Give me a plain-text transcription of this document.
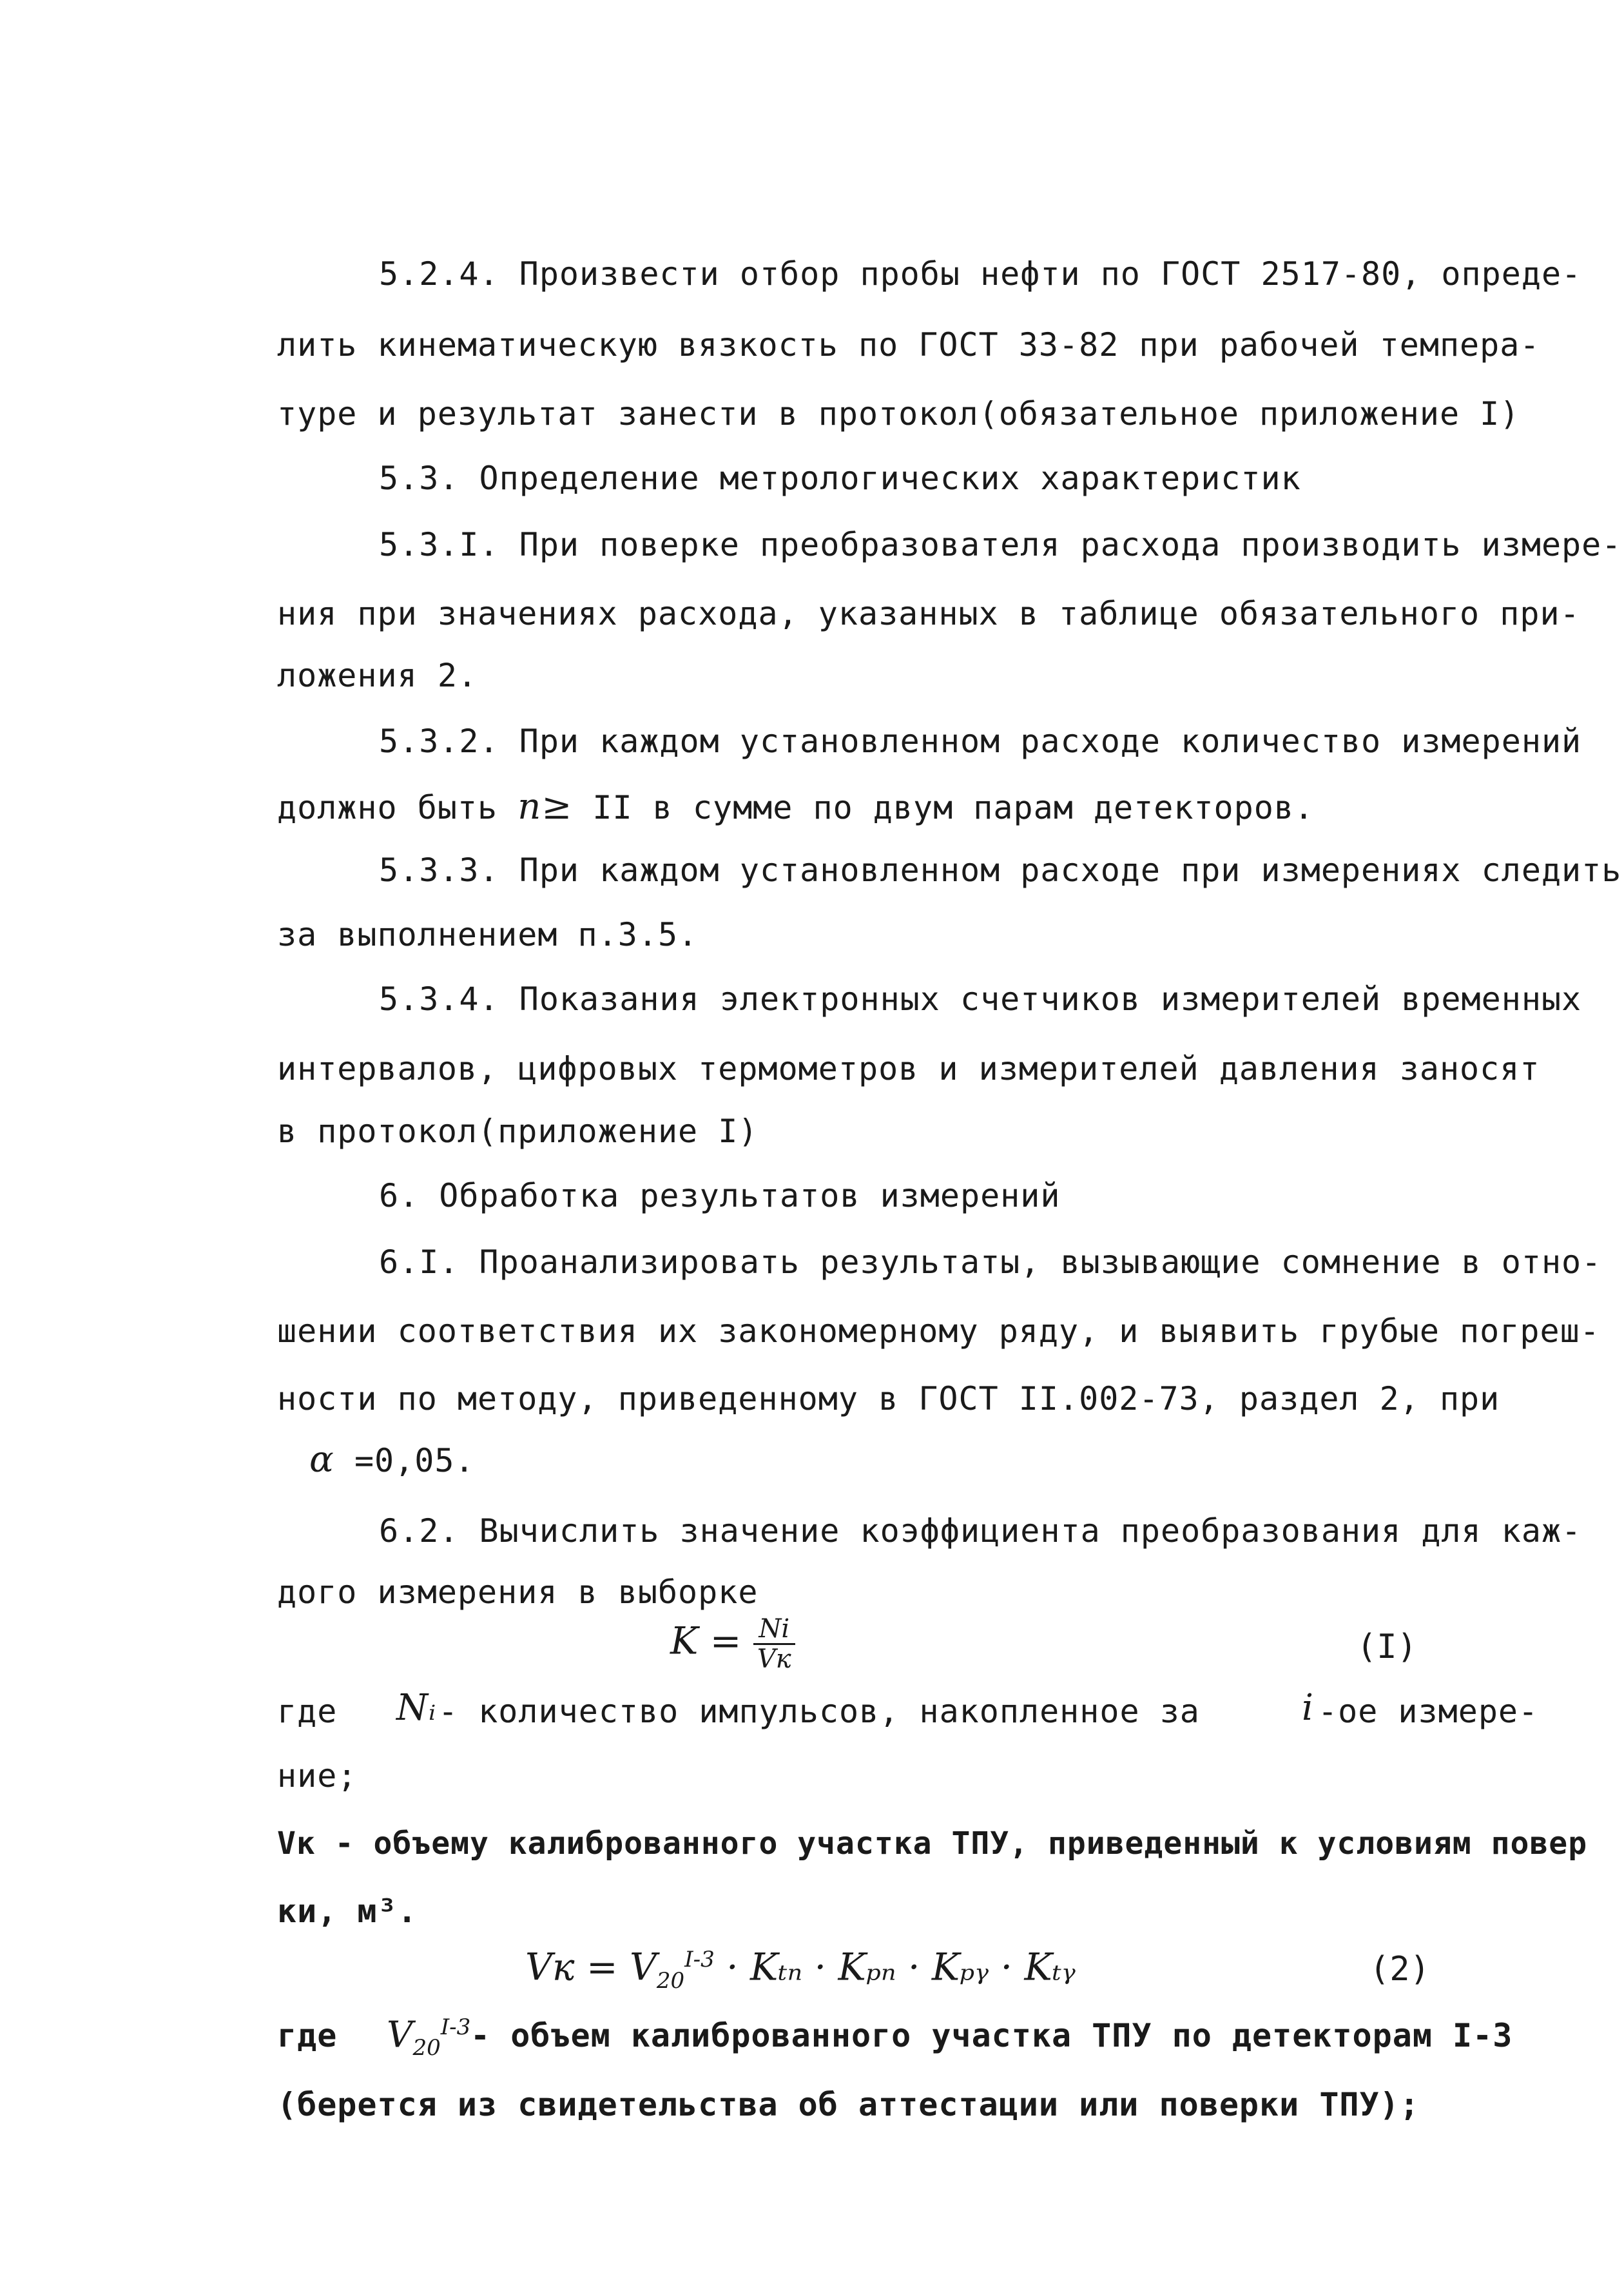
5.2.4. Произвести отбор пробы нефти по ГОСТ 2517-80, опреде-
лить кинематическую вязкость по ГОСТ 33-82 при рабочей темпера-
туре и результат занести в протокол(обязательное приложение I)
5.3. Определение метрологических характеристик
5.3.I. При поверке преобразователя расхода производить измере-
ния при значениях расхода, указанных в таблице обязательного при-
ложения 2.
5.3.2. При каждом установленном расходе количество измерений
должно быть n≥ II в сумме по двум парам детекторов.
5.3.3. При каждом установленном расходе при измерениях следить
за выполнением п.3.5.
5.3.4. Показания электронных счетчиков измерителей временных
интервалов, цифровых термометров и измерителей давления заносят
в протокол(приложение I)
6. Обработка результатов измерений
6.I. Проанализировать результаты, вызывающие сомнение в отно-
шении соответствия их закономерному ряду, и выявить грубые погреш-
ности по методу, приведенному в ГОСТ II.002-73, раздел 2, при
α =0,05.
6.2. Вычислить значение коэффициента преобразования для каж-
дого измерения в выборке
$K = \frac{Ni}{Vк}$	(I)
где Nᵢ - количество импульсов, накопленное за	i -ое измере-
ние;
Vк - объему калиброванного участка ТПУ, приведенный к условиям повер
ки, м³.
Vк = $V_{20}^{I-3} \cdot K_{tn} \cdot K_{pn}$ · Kₚᵧ · Kₜᵧ	(2)
где $V_{20}^{I-3}$ - объем калиброванного участка ТПУ по детекторам I-3
(берется из свидетельства об аттестации или поверки ТПУ);
